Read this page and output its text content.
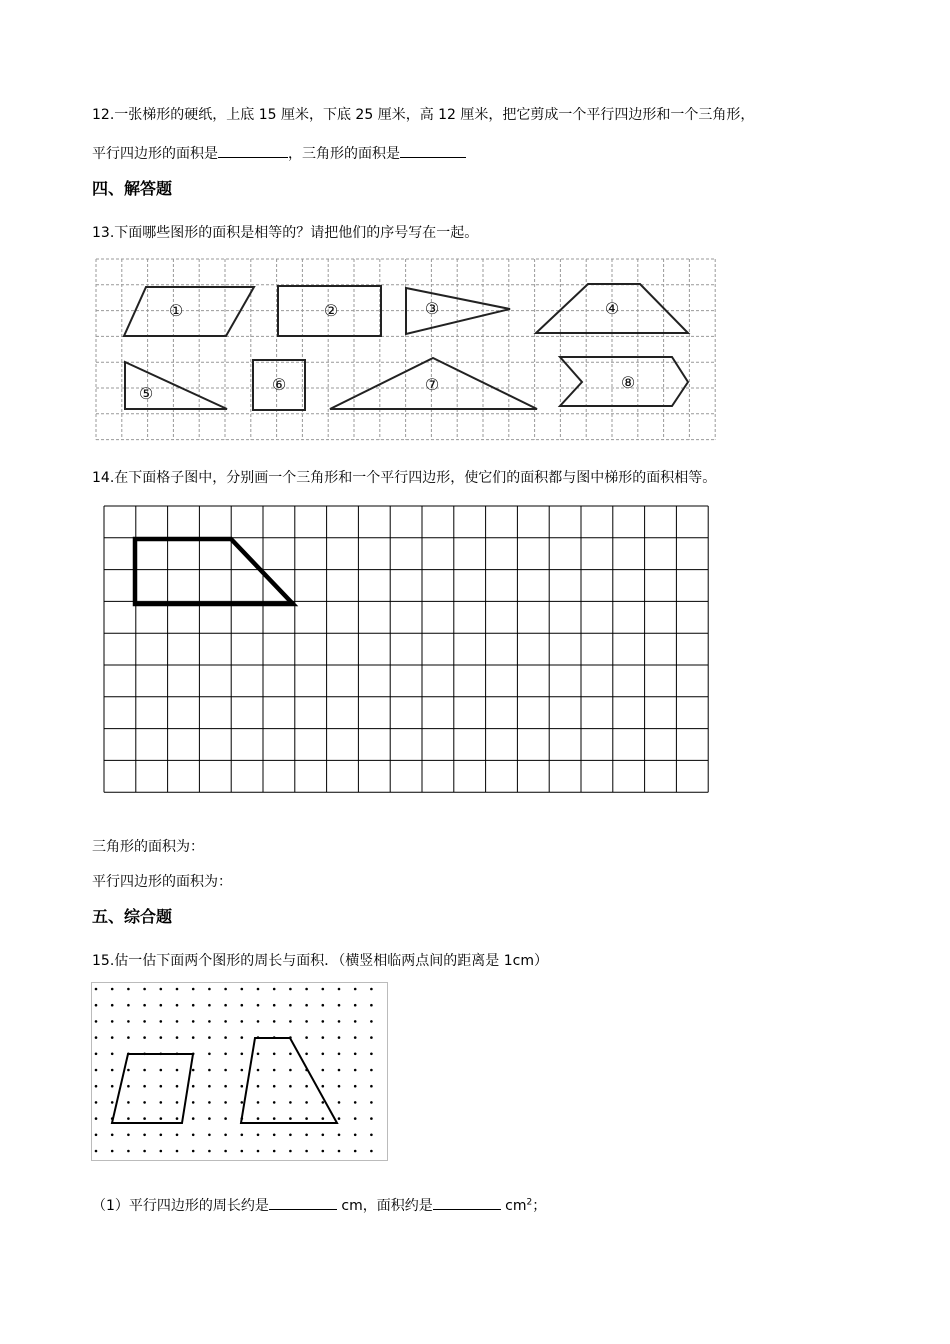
12.一张梯形的硬纸，上底 15 厘米，下底 25 厘米，高 12 厘米，把它剪成一个平行四边形和一个三角形，
平行四边形的面积是	，三角形的面积是
四、解答题
13.下面哪些图形的面积是相等的？请把他们的序号写在一起。
①	②	③	④
⑤	⑥	⑦	⑧
14.在下面格子图中，分别画一个三角形和一个平行四边形，使它们的面积都与图中梯形的面积相等。
三角形的面积为：
平行四边形的面积为：
五、综合题
15.估一估下面两个图形的周长与面积．（横竖相临两点间的距离是 1cm）
（1）平行四边形的周长约是	cm，面积约是	$cm^2$；
